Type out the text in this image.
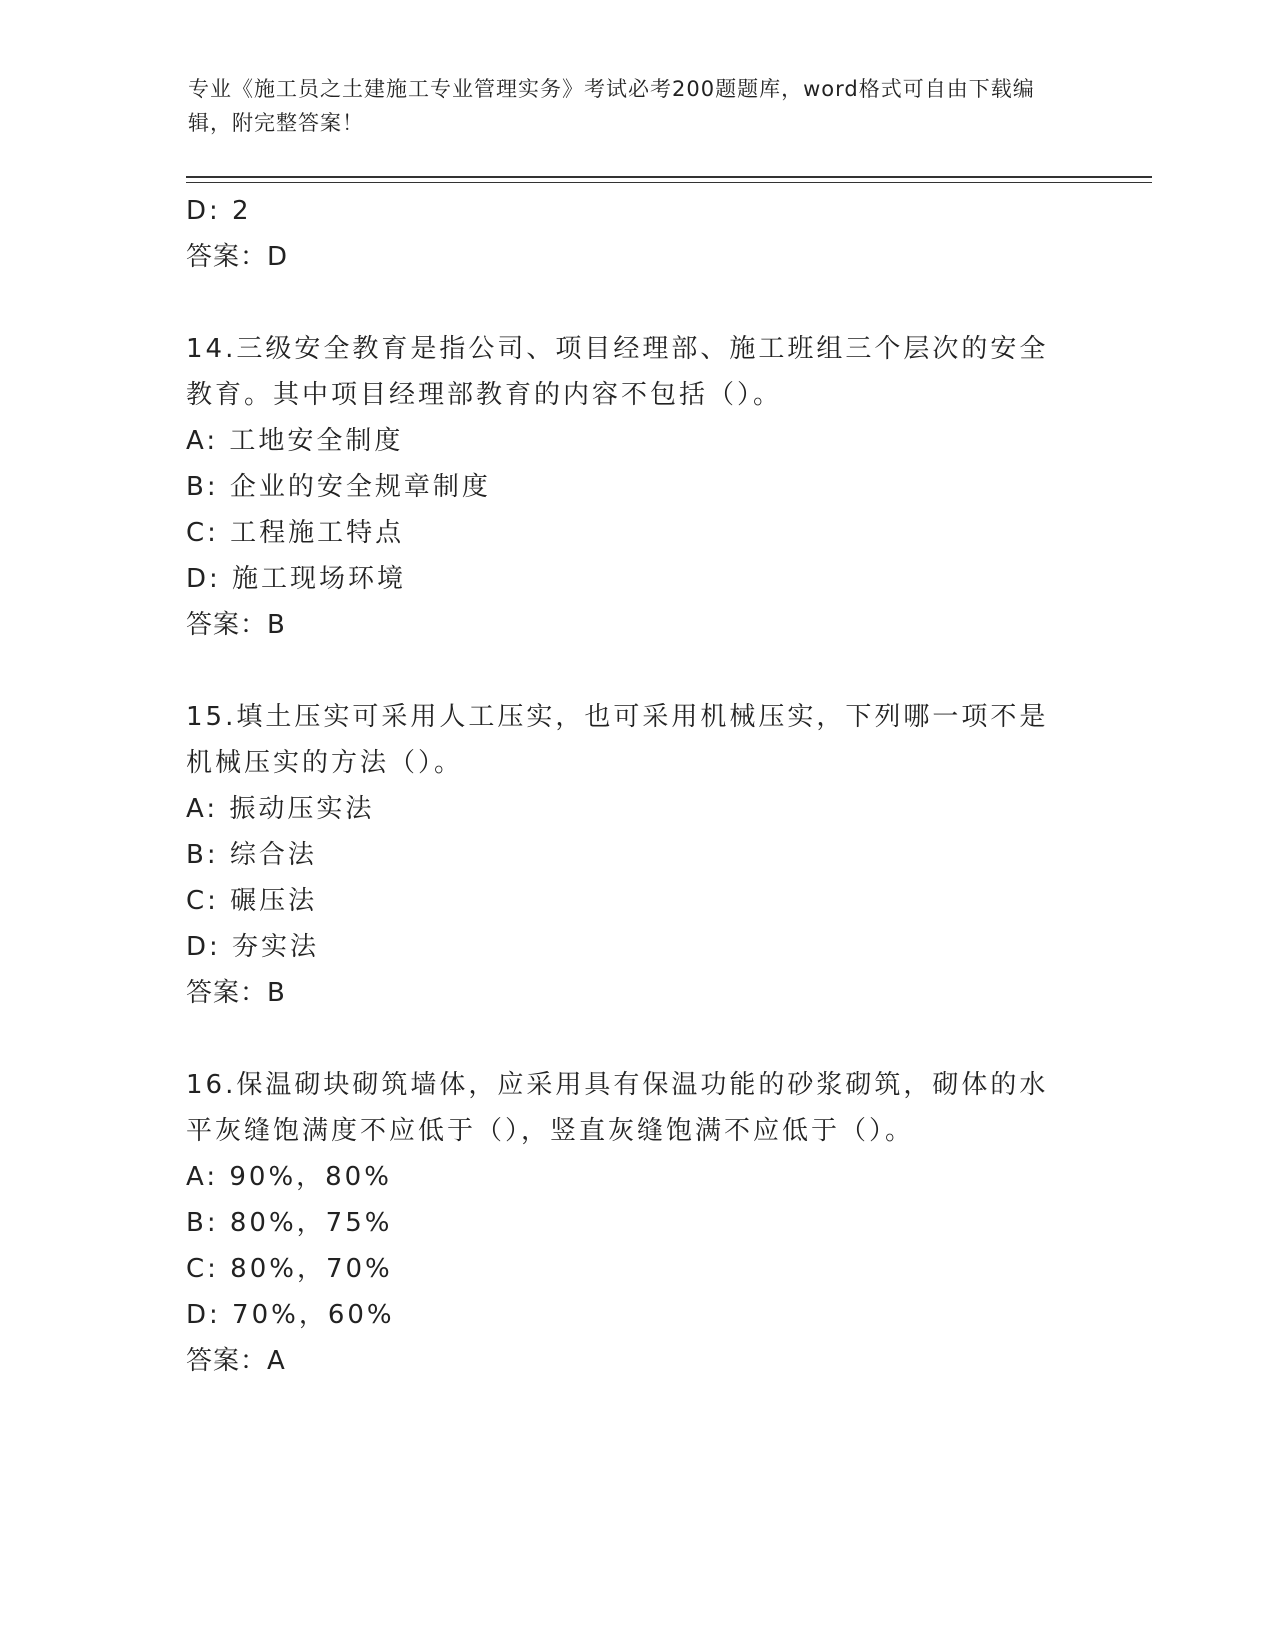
专业《施工员之土建施工专业管理实务》考试必考200题题库，word格式可自由下载编辑，附完整答案！
D: 2
答案：D
14.三级安全教育是指公司、项目经理部、施工班组三个层次的安全教育。其中项目经理部教育的内容不包括（）。
A: 工地安全制度
B: 企业的安全规章制度
C: 工程施工特点
D: 施工现场环境
答案：B
15.填土压实可采用人工压实，也可采用机械压实，下列哪一项不是机械压实的方法（）。
A: 振动压实法
B: 综合法
C: 碾压法
D: 夯实法
答案：B
16.保温砌块砌筑墙体，应采用具有保温功能的砂浆砌筑，砌体的水平灰缝饱满度不应低于（），竖直灰缝饱满不应低于（）。
A: 90%，80%
B: 80%，75%
C: 80%，70%
D: 70%，60%
答案：A
